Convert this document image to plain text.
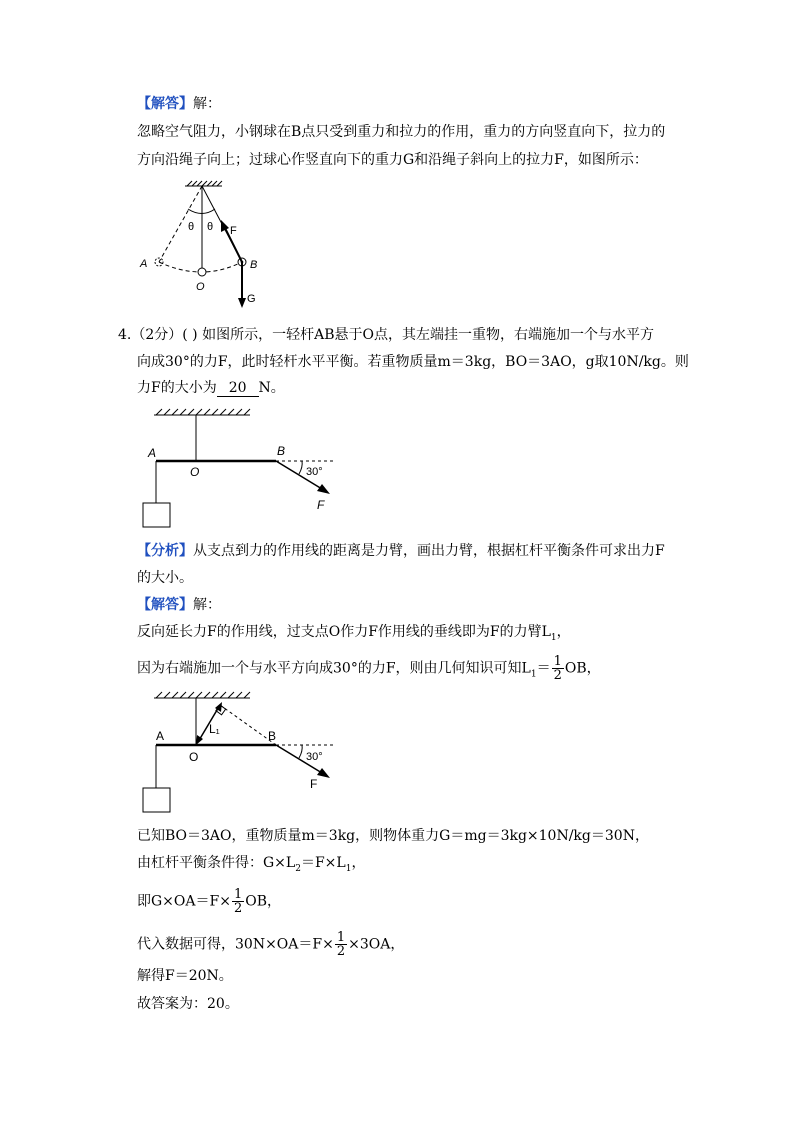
【解答】解：
忽略空气阻力，小钢球在B点只受到重力和拉力的作用，重力的方向竖直向下，拉力的
方向沿绳子向上；过球心作竖直向下的重力G和沿绳子斜向上的拉力F，如图所示：
θ θ F
A	B
O
G
4.（2分）( ) 如图所示，一轻杆AB悬于O点，其左端挂一重物，右端施加一个与水平方
向成30°的力F，此时轻杆水平平衡。若重物质量m＝3kg，BO＝3AO，g取10N/kg。则
力F的大小为 20 N。
A
O
B
30°
F
【分析】从支点到力的作用线的距离是力臂，画出力臂，根据杠杆平衡条件可求出力F
的大小。
【解答】解：
反向延长力F的作用线，过支点O作力F作用线的垂线即为F的力臂$L_1$，
因为右端施加一个与水平方向成30°的力F，则由几何知识可知$L_1= \frac{1}{2}$ OB，
A
O
B
L₁
30°
F
已知BO＝3AO，重物质量m＝3kg，则物体重力G＝mg＝3kg×10N/kg＝30N，
由杠杆平衡条件得：$G\times L_2=F\times L_1$，
即$G\times OA=F\times \frac{1}{2}$ OB，
代入数据可得，$30N\times OA=F\times \frac{1}{2} \times 3OA$，
解得F＝20N。
故答案为：20。
